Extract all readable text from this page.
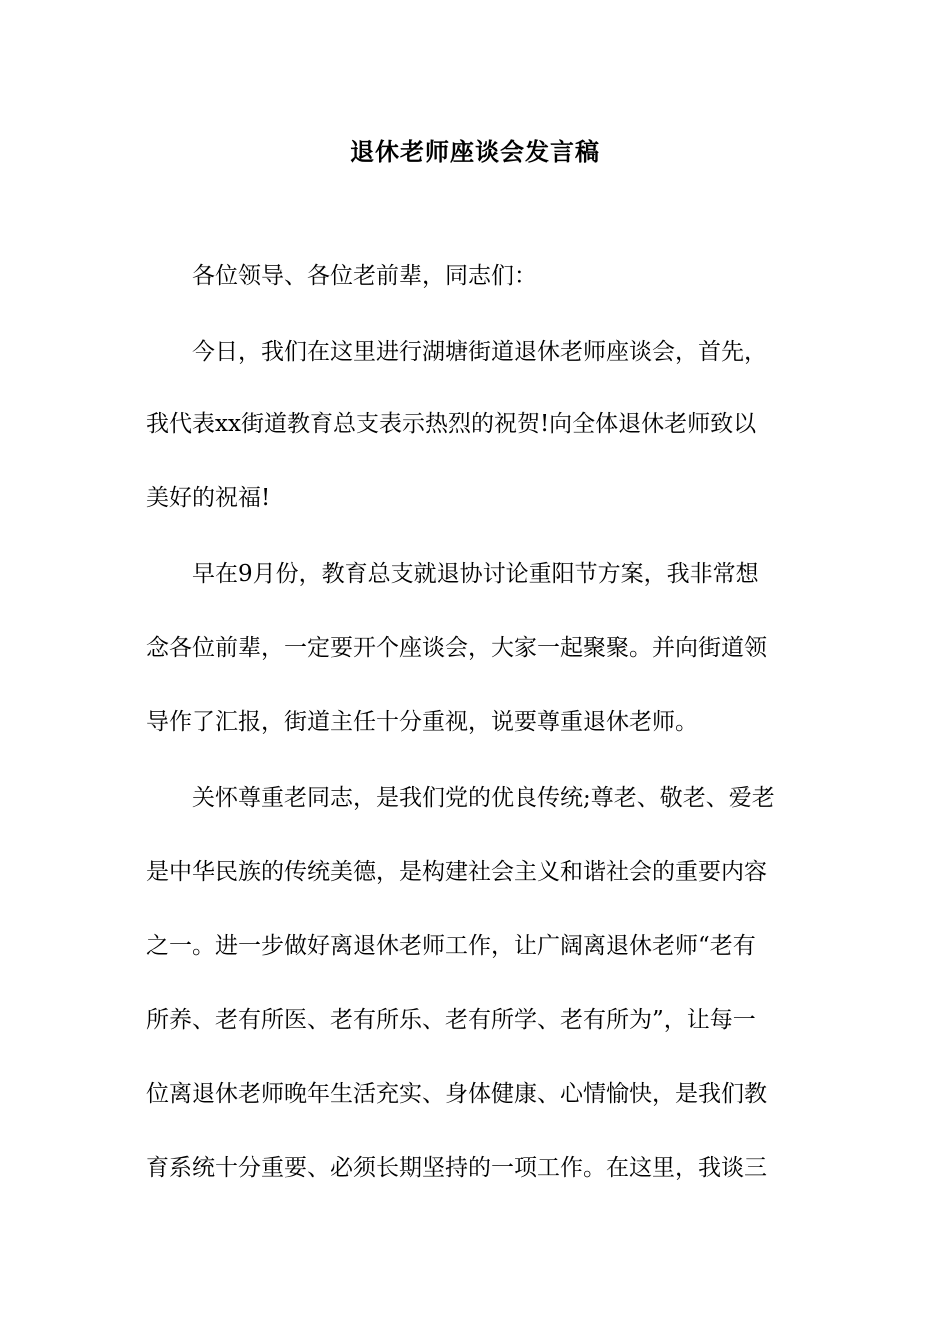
退休老师座谈会发言稿

各位领导、各位老前辈，同志们：

今日，我们在这里进行湖塘街道退休老师座谈会，首先，

我代表xx街道教育总支表示热烈的祝贺!向全体退休老师致以

美好的祝福!

早在9月份，教育总支就退协讨论重阳节方案，我非常想

念各位前辈，一定要开个座谈会，大家一起聚聚。并向街道领

导作了汇报，街道主任十分重视，说要尊重退休老师。

关怀尊重老同志，是我们党的优良传统;尊老、敬老、爱老

是中华民族的传统美德，是构建社会主义和谐社会的重要内容

之一。进一步做好离退休老师工作，让广阔离退休老师“老有

所养、老有所医、老有所乐、老有所学、老有所为”，让每一

位离退休老师晚年生活充实、身体健康、心情愉快，是我们教

育系统十分重要、必须长期坚持的一项工作。在这里，我谈三
